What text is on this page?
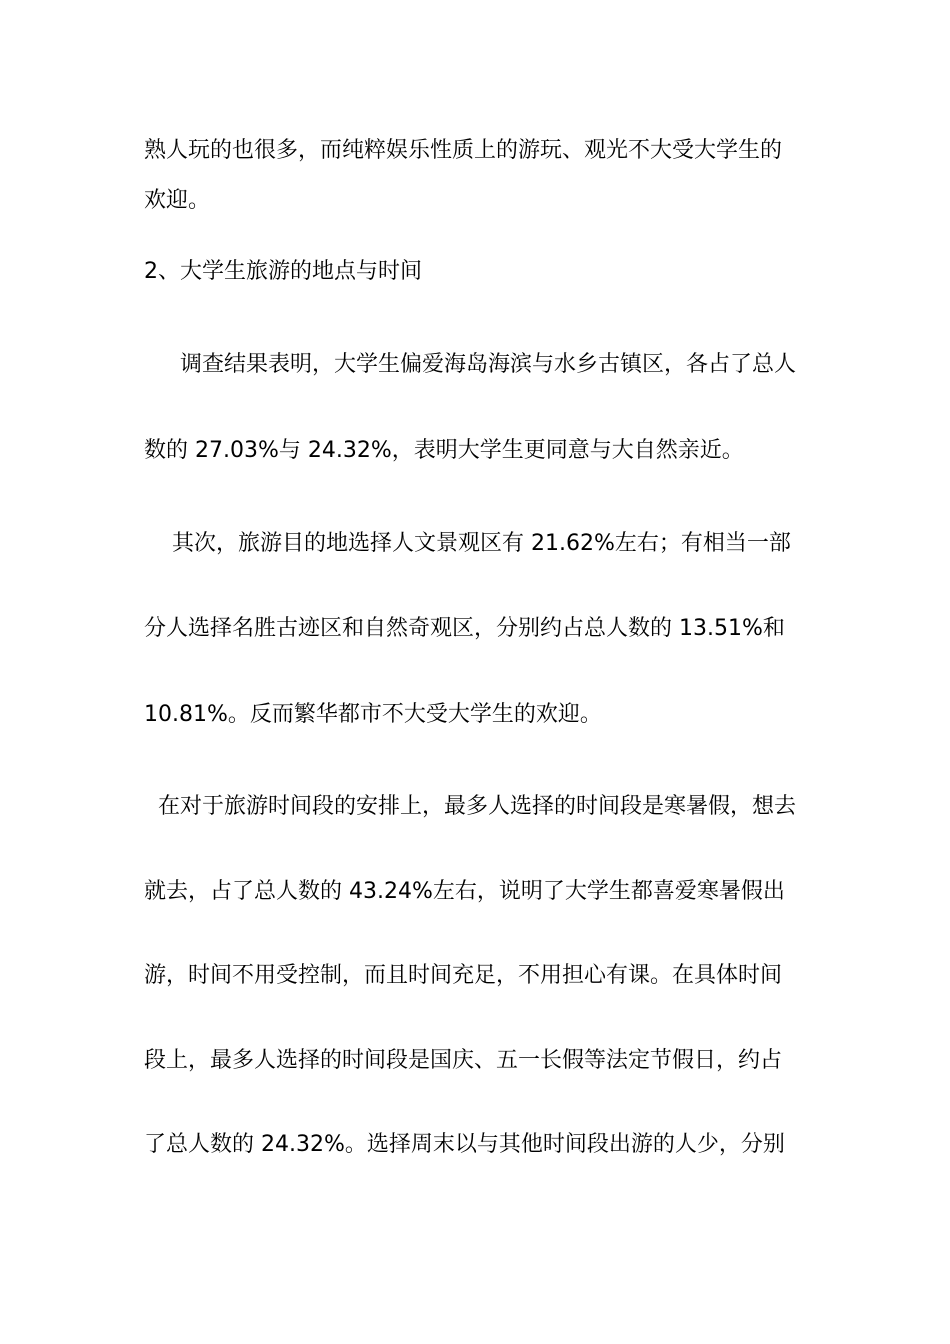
熟人玩的也很多，而纯粹娱乐性质上的游玩、观光不大受大学生的
欢迎。
2、大学生旅游的地点与时间
调查结果表明，大学生偏爱海岛海滨与水乡古镇区，各占了总人
数的 27.03%与 24.32%，表明大学生更同意与大自然亲近。
其次，旅游目的地选择人文景观区有 21.62%左右；有相当一部
分人选择名胜古迹区和自然奇观区，分别约占总人数的 13.51%和
10.81%。反而繁华都市不大受大学生的欢迎。
在对于旅游时间段的安排上，最多人选择的时间段是寒暑假，想去
就去，占了总人数的 43.24%左右，说明了大学生都喜爱寒暑假出
游，时间不用受控制，而且时间充足，不用担心有课。在具体时间
段上，最多人选择的时间段是国庆、五一长假等法定节假日，约占
了总人数的 24.32%。选择周末以与其他时间段出游的人少，分别
